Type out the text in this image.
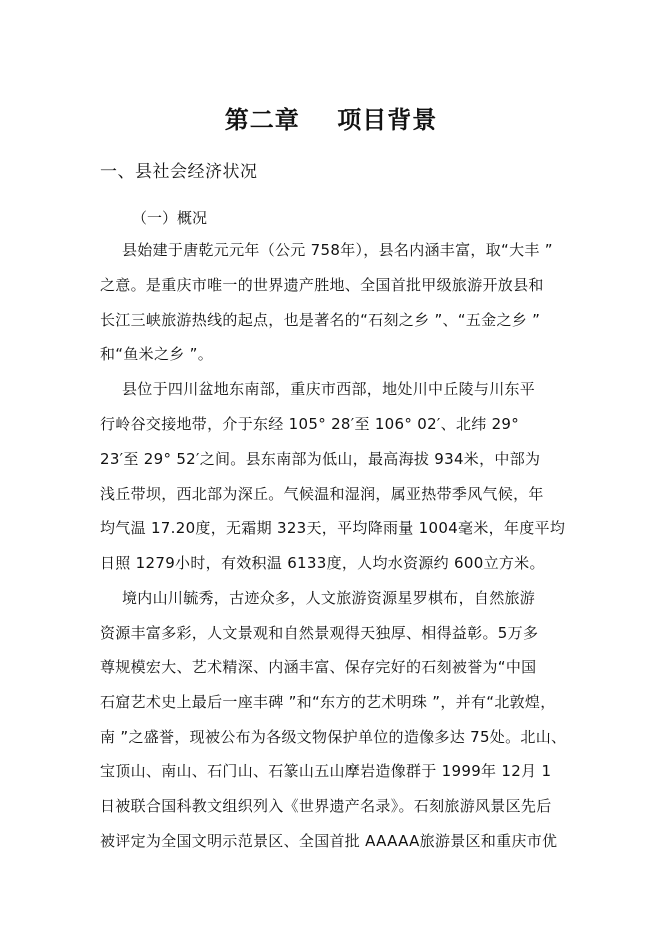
第二章    项目背景
一、县社会经济状况
（一）概况
县始建于唐乾元元年（公元 758年），县名内涵丰富，取“大丰 ”
之意。是重庆市唯一的世界遗产胜地、全国首批甲级旅游开放县和
长江三峡旅游热线的起点，也是著名的“石刻之乡 ”、“五金之乡 ”
和“鱼米之乡 ”。
县位于四川盆地东南部，重庆市西部，地处川中丘陵与川东平
行岭谷交接地带，介于东经 105° 28′至 106° 02′、北纬 29°
23′至 29° 52′之间。县东南部为低山，最高海拔 934米，中部为
浅丘带坝，西北部为深丘。气候温和湿润，属亚热带季风气候，年
均气温 17.20度，无霜期 323天，平均降雨量 1004毫米，年度平均
日照 1279小时，有效积温 6133度，人均水资源约 600立方米。
境内山川毓秀，古迹众多，人文旅游资源星罗棋布，自然旅游
资源丰富多彩，人文景观和自然景观得天独厚、相得益彰。5万多
尊规模宏大、艺术精深、内涵丰富、保存完好的石刻被誉为“中国
石窟艺术史上最后一座丰碑 ”和“东方的艺术明珠 ”，并有“北敦煌，
南 ”之盛誉，现被公布为各级文物保护单位的造像多达 75处。北山、
宝顶山、南山、石门山、石篆山五山摩岩造像群于 1999年 12月 1
日被联合国科教文组织列入《世界遗产名录》。石刻旅游风景区先后
被评定为全国文明示范景区、全国首批 AAAAA旅游景区和重庆市优
